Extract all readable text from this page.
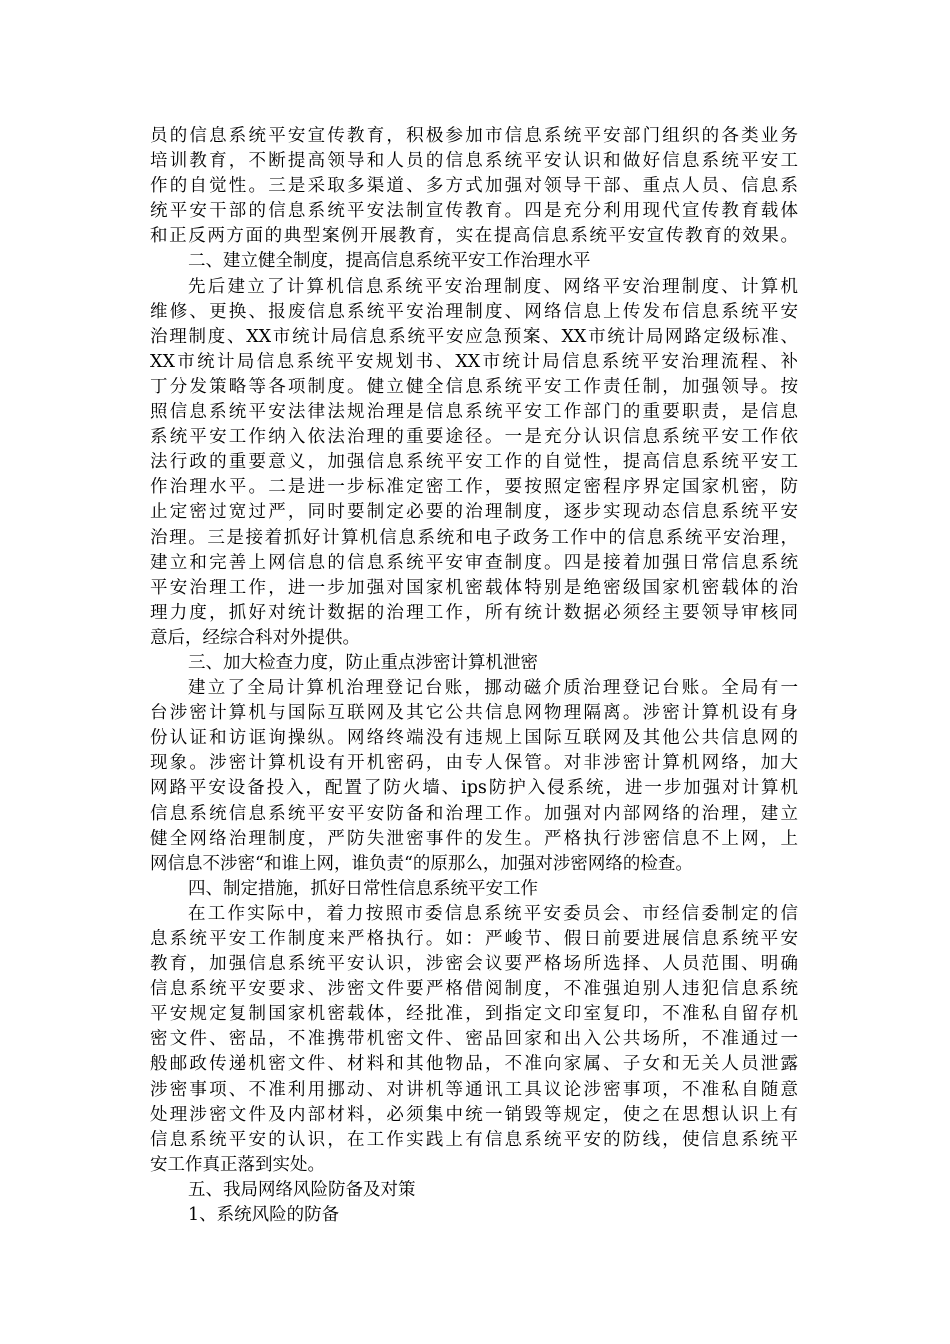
员的信息系统平安宣传教育，积极参加市信息系统平安部门组织的各类业务
培训教育，不断提高领导和人员的信息系统平安认识和做好信息系统平安工
作的自觉性。三是采取多渠道、多方式加强对领导干部、重点人员、信息系
统平安干部的信息系统平安法制宣传教育。四是充分利用现代宣传教育载体
和正反两方面的典型案例开展教育，实在提高信息系统平安宣传教育的效果。
二、建立健全制度，提高信息系统平安工作治理水平
先后建立了计算机信息系统平安治理制度、网络平安治理制度、计算机
维修、更换、报废信息系统平安治理制度、网络信息上传发布信息系统平安
治理制度、XX市统计局信息系统平安应急预案、XX市统计局网路定级标准、
XX市统计局信息系统平安规划书、XX市统计局信息系统平安治理流程、补
丁分发策略等各项制度。健立健全信息系统平安工作责任制，加强领导。按
照信息系统平安法律法规治理是信息系统平安工作部门的重要职责，是信息
系统平安工作纳入依法治理的重要途径。一是充分认识信息系统平安工作依
法行政的重要意义，加强信息系统平安工作的自觉性，提高信息系统平安工
作治理水平。二是进一步标准定密工作，要按照定密程序界定国家机密，防
止定密过宽过严，同时要制定必要的治理制度，逐步实现动态信息系统平安
治理。三是接着抓好计算机信息系统和电子政务工作中的信息系统平安治理，
建立和完善上网信息的信息系统平安审查制度。四是接着加强日常信息系统
平安治理工作，进一步加强对国家机密载体特别是绝密级国家机密载体的治
理力度，抓好对统计数据的治理工作，所有统计数据必须经主要领导审核同
意后，经综合科对外提供。
三、加大检查力度，防止重点涉密计算机泄密
建立了全局计算机治理登记台账，挪动磁介质治理登记台账。全局有一
台涉密计算机与国际互联网及其它公共信息网物理隔离。涉密计算机设有身
份认证和访诓询操纵。网络终端没有违规上国际互联网及其他公共信息网的
现象。涉密计算机设有开机密码，由专人保管。对非涉密计算机网络，加大
网路平安设备投入，配置了防火墙、ips防护入侵系统，进一步加强对计算机
信息系统信息系统平安平安防备和治理工作。加强对内部网络的治理，建立
健全网络治理制度，严防失泄密事件的发生。严格执行涉密信息不上网，上
网信息不涉密“和谁上网，谁负责“的原那么，加强对涉密网络的检查。
四、制定措施，抓好日常性信息系统平安工作
在工作实际中，着力按照市委信息系统平安委员会、市经信委制定的信
息系统平安工作制度来严格执行。如：严峻节、假日前要进展信息系统平安
教育，加强信息系统平安认识，涉密会议要严格场所选择、人员范围、明确
信息系统平安要求、涉密文件要严格借阅制度，不准强迫别人违犯信息系统
平安规定复制国家机密载体，经批准，到指定文印室复印，不准私自留存机
密文件、密品，不准携带机密文件、密品回家和出入公共场所，不准通过一
般邮政传递机密文件、材料和其他物品，不准向家属、子女和无关人员泄露
涉密事项、不准利用挪动、对讲机等通讯工具议论涉密事项，不准私自随意
处理涉密文件及内部材料，必须集中统一销毁等规定，使之在思想认识上有
信息系统平安的认识，在工作实践上有信息系统平安的防线，使信息系统平
安工作真正落到实处。
五、我局网络风险防备及对策
1、系统风险的防备
